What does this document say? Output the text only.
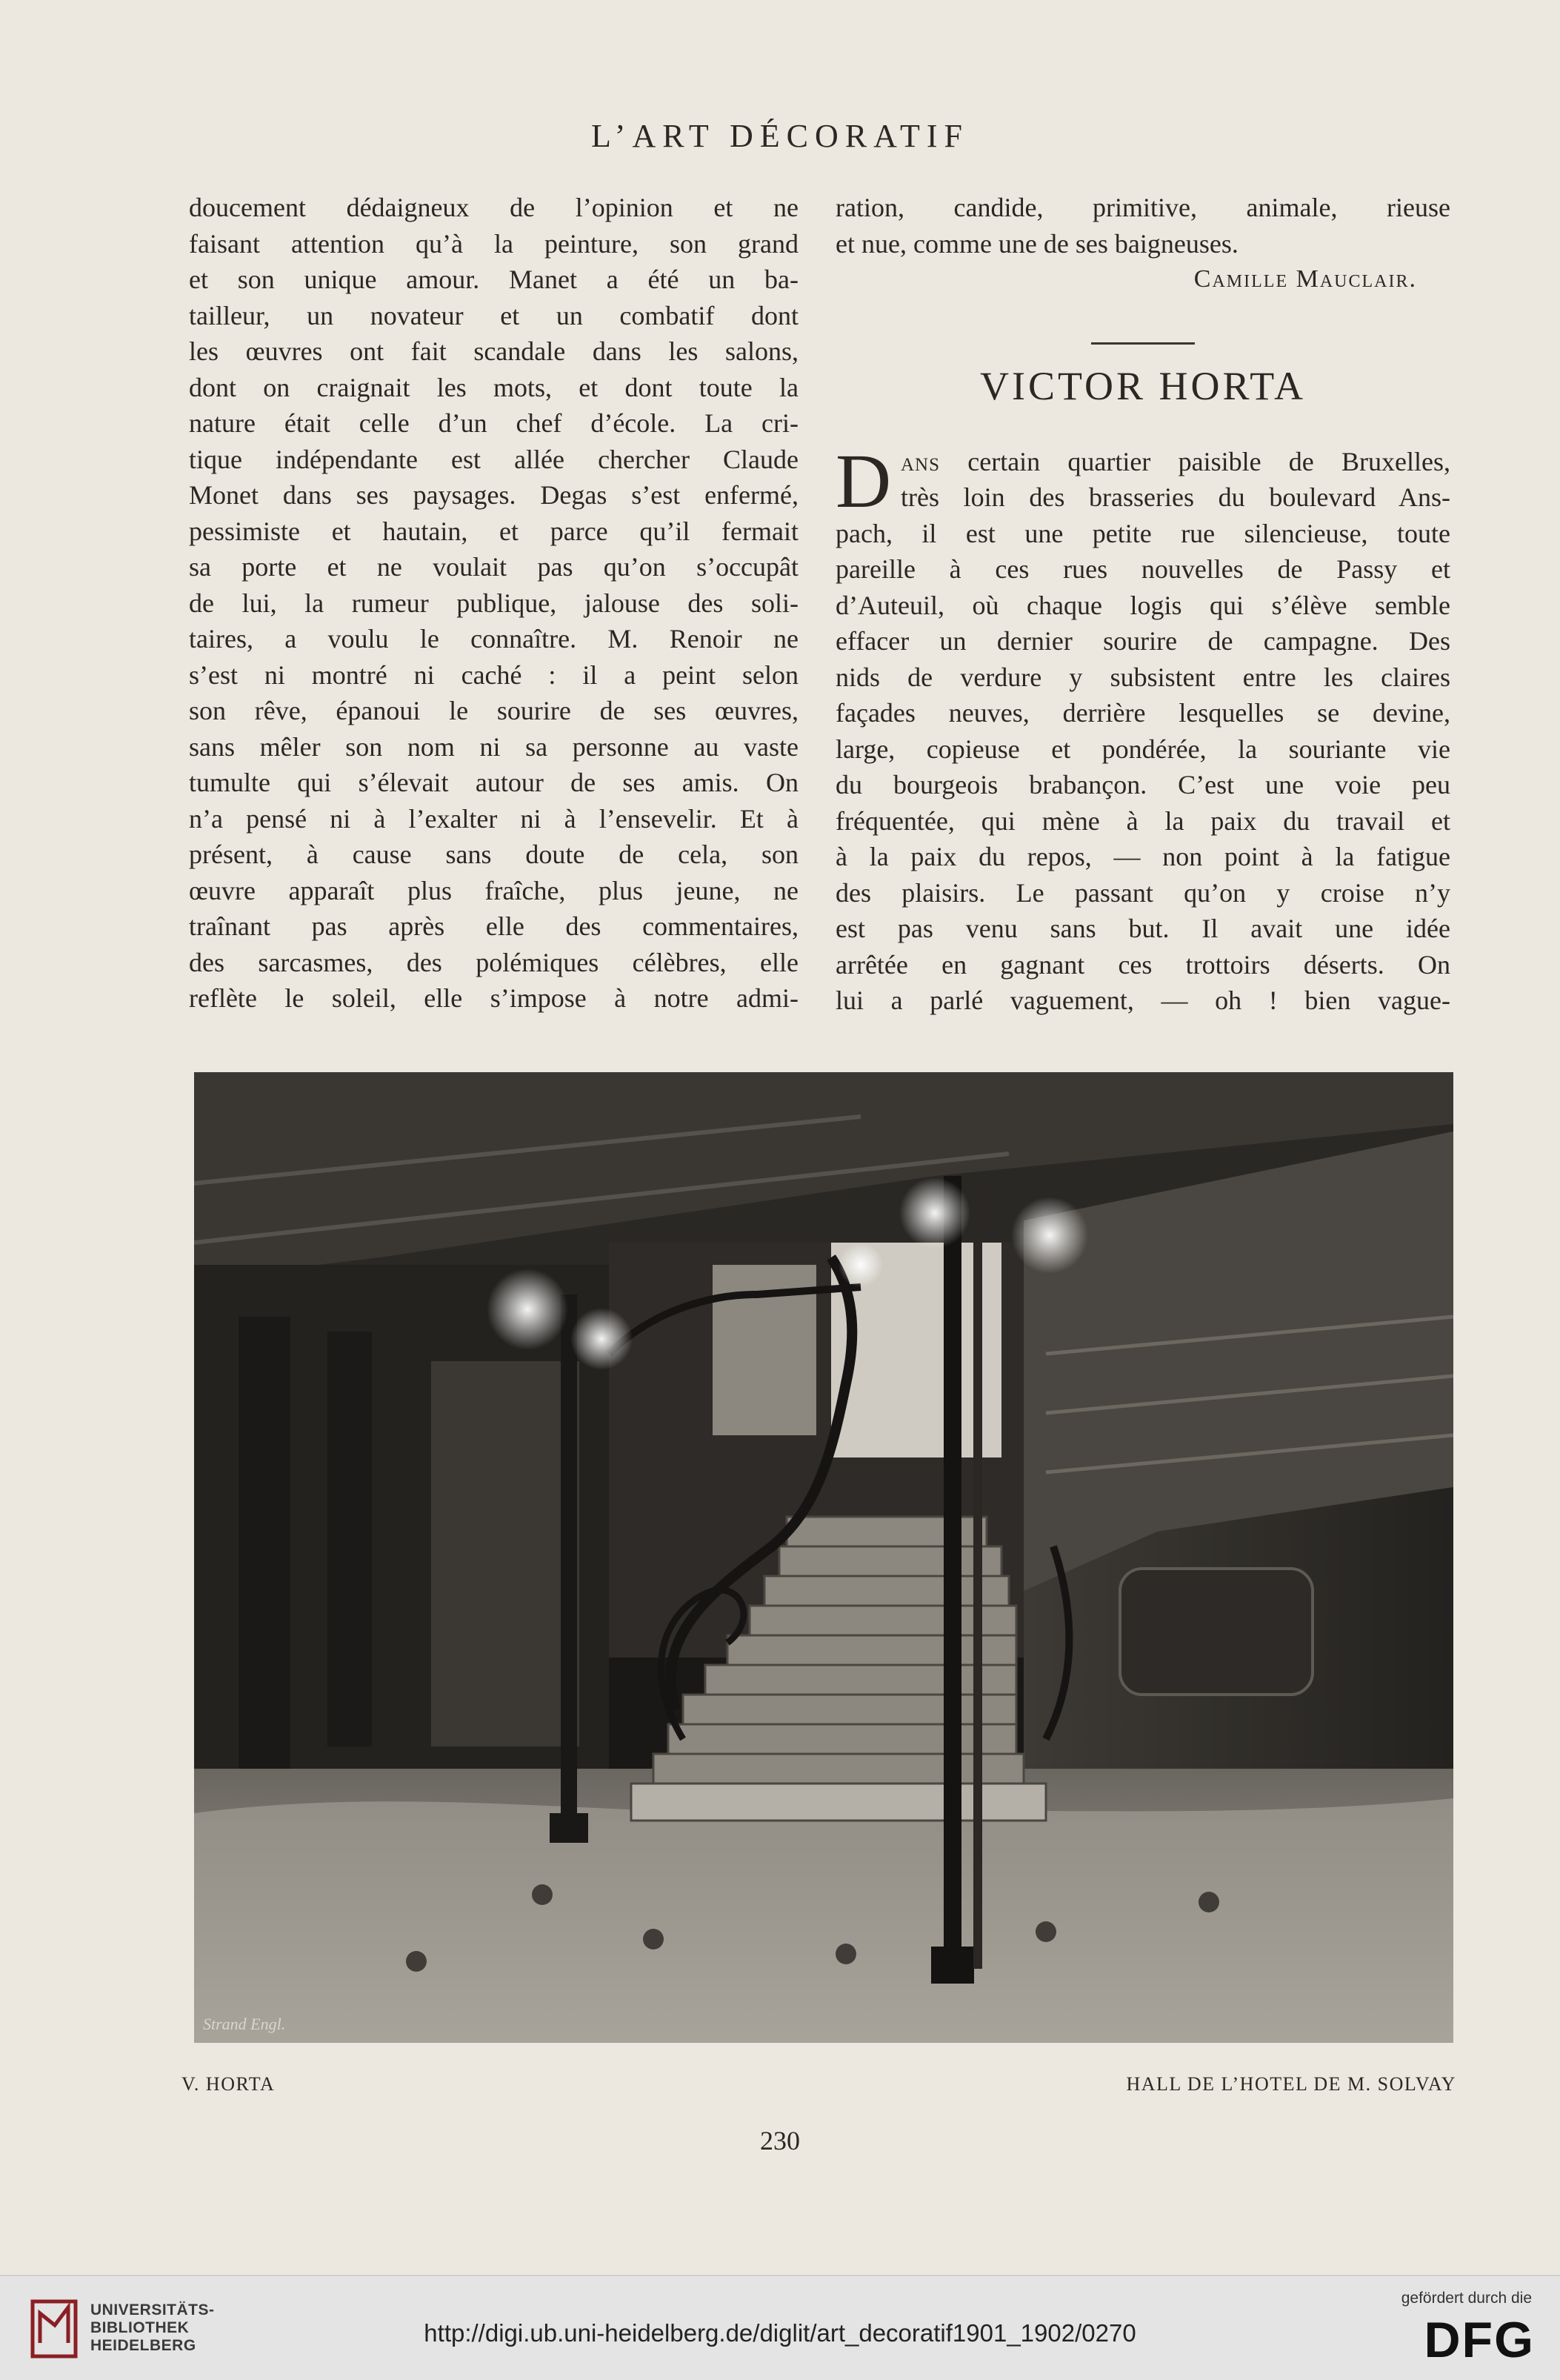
L’ART DÉCORATIF
doucement dédaigneux de l’opinion et ne
faisant attention qu’à la peinture, son grand
et son unique amour. Manet a été un ba-
tailleur, un novateur et un combatif dont
les œuvres ont fait scandale dans les salons,
dont on craignait les mots, et dont toute la
nature était celle d’un chef d’école. La cri-
tique indépendante est allée chercher Claude
Monet dans ses paysages. Degas s’est enfermé,
pessimiste et hautain, et parce qu’il fermait
sa porte et ne voulait pas qu’on s’occupât
de lui, la rumeur publique, jalouse des soli-
taires, a voulu le connaître. M. Renoir ne
s’est ni montré ni caché : il a peint selon
son rêve, épanoui le sourire de ses œuvres,
sans mêler son nom ni sa personne au vaste
tumulte qui s’élevait autour de ses amis. On
n’a pensé ni à l’exalter ni à l’ensevelir. Et à
présent, à cause sans doute de cela, son
œuvre apparaît plus fraîche, plus jeune, ne
traînant pas après elle des commentaires,
des sarcasmes, des polémiques célèbres, elle
reflète le soleil, elle s’impose à notre admi-
ration, candide, primitive, animale, rieuse
et nue, comme une de ses baigneuses.
Camille Mauclair.
VICTOR HORTA
D ans certain quartier paisible de Bruxelles,
très loin des brasseries du boulevard Ans-
pach, il est une petite rue silencieuse, toute
pareille à ces rues nouvelles de Passy et
d’Auteuil, où chaque logis qui s’élève semble
effacer un dernier sourire de campagne. Des
nids de verdure y subsistent entre les claires
façades neuves, derrière lesquelles se devine,
large, copieuse et pondérée, la souriante vie
du bourgeois brabançon. C’est une voie peu
fréquentée, qui mène à la paix du travail et
à la paix du repos, — non point à la fatigue
des plaisirs. Le passant qu’on y croise n’y
est pas venu sans but. Il avait une idée
arrêtée en gagnant ces trottoirs déserts. On
lui a parlé vaguement, — oh ! bien vague-
Strand Engl.
V. HORTA	HALL DE L’HOTEL DE M. SOLVAY
230
UNIVERSITÄTS-
BIBLIOTHEK
HEIDELBERG	http://digi.ub.uni-heidelberg.de/diglit/art_decoratif1901_1902/0270
gefördert durch die
DFG
